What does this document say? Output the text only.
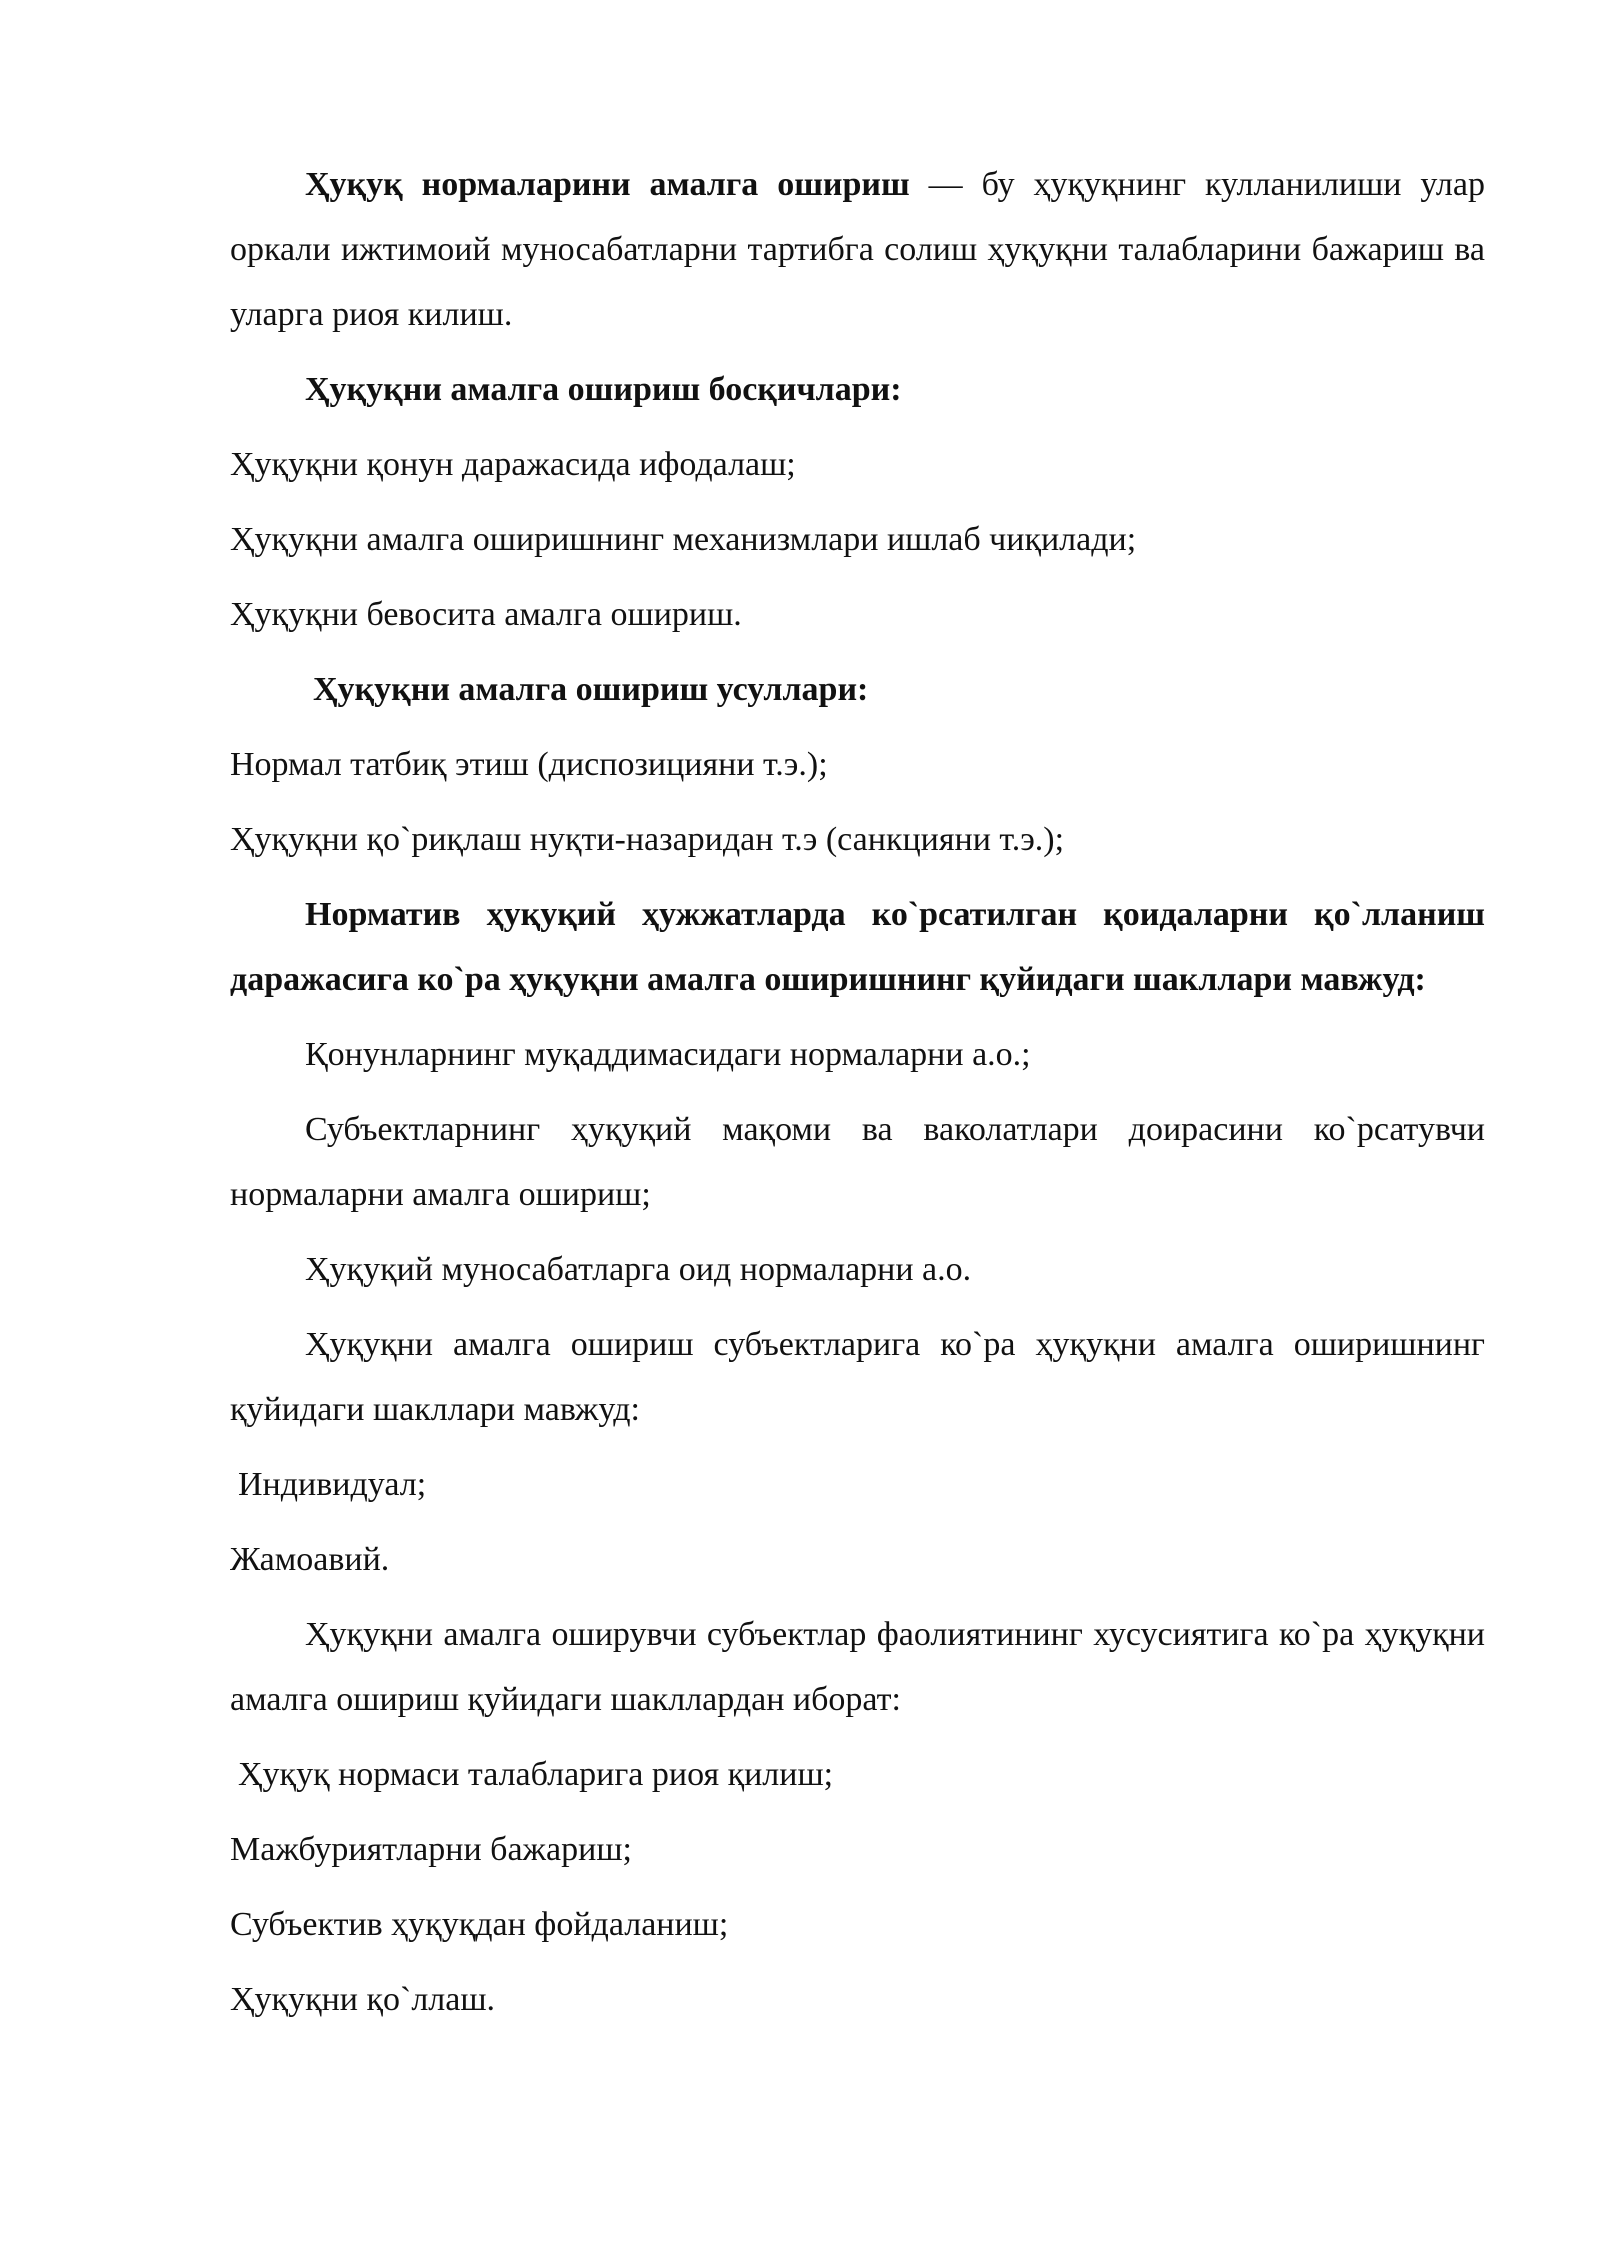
Ҳуқуқ нормаларини амалга ошириш — бу ҳуқуқнинг кулланилиши улар оркали ижтимоий муносабатларни тартибга солиш ҳуқуқни талабларини бажариш ва уларга риоя килиш.

Ҳуқуқни амалга ошириш босқичлари:

Ҳуқуқни қонун даражасида ифодалаш;

Ҳуқуқни амалга оширишнинг механизмлари ишлаб чиқилади;

Ҳуқуқни бевосита амалга ошириш.

Ҳуқуқни амалга ошириш усуллари:

Нормал татбиқ этиш (диспозицияни т.э.);

Ҳуқуқни қо`риқлаш нуқти-назаридан т.э (санкцияни т.э.);

Норматив ҳуқуқий ҳужжатларда ко`рсатилган қоидаларни қо`лланиш даражасига ко`ра ҳуқуқни амалга оширишнинг қуйидаги шакллари мавжуд:

Қонунларнинг муқаддимасидаги нормаларни а.о.;

Субъектларнинг ҳуқуқий мақоми ва ваколатлари доирасини ко`рсатувчи нормаларни амалга ошириш;

Ҳуқуқий муносабатларга оид нормаларни а.о.

Ҳуқуқни амалга ошириш субъектларига ко`ра ҳуқуқни амалга оширишнинг қуйидаги шакллари мавжуд:

Индивидуал;

Жамоавий.

Ҳуқуқни амалга оширувчи субъектлар фаолиятининг хусусиятига ко`ра ҳуқуқни амалга ошириш қуйидаги шакллардан иборат:

Ҳуқуқ нормаси талабларига риоя қилиш;

Мажбуриятларни бажариш;

Субъектив ҳуқуқдан фойдаланиш;

Ҳуқуқни қо`ллаш.
